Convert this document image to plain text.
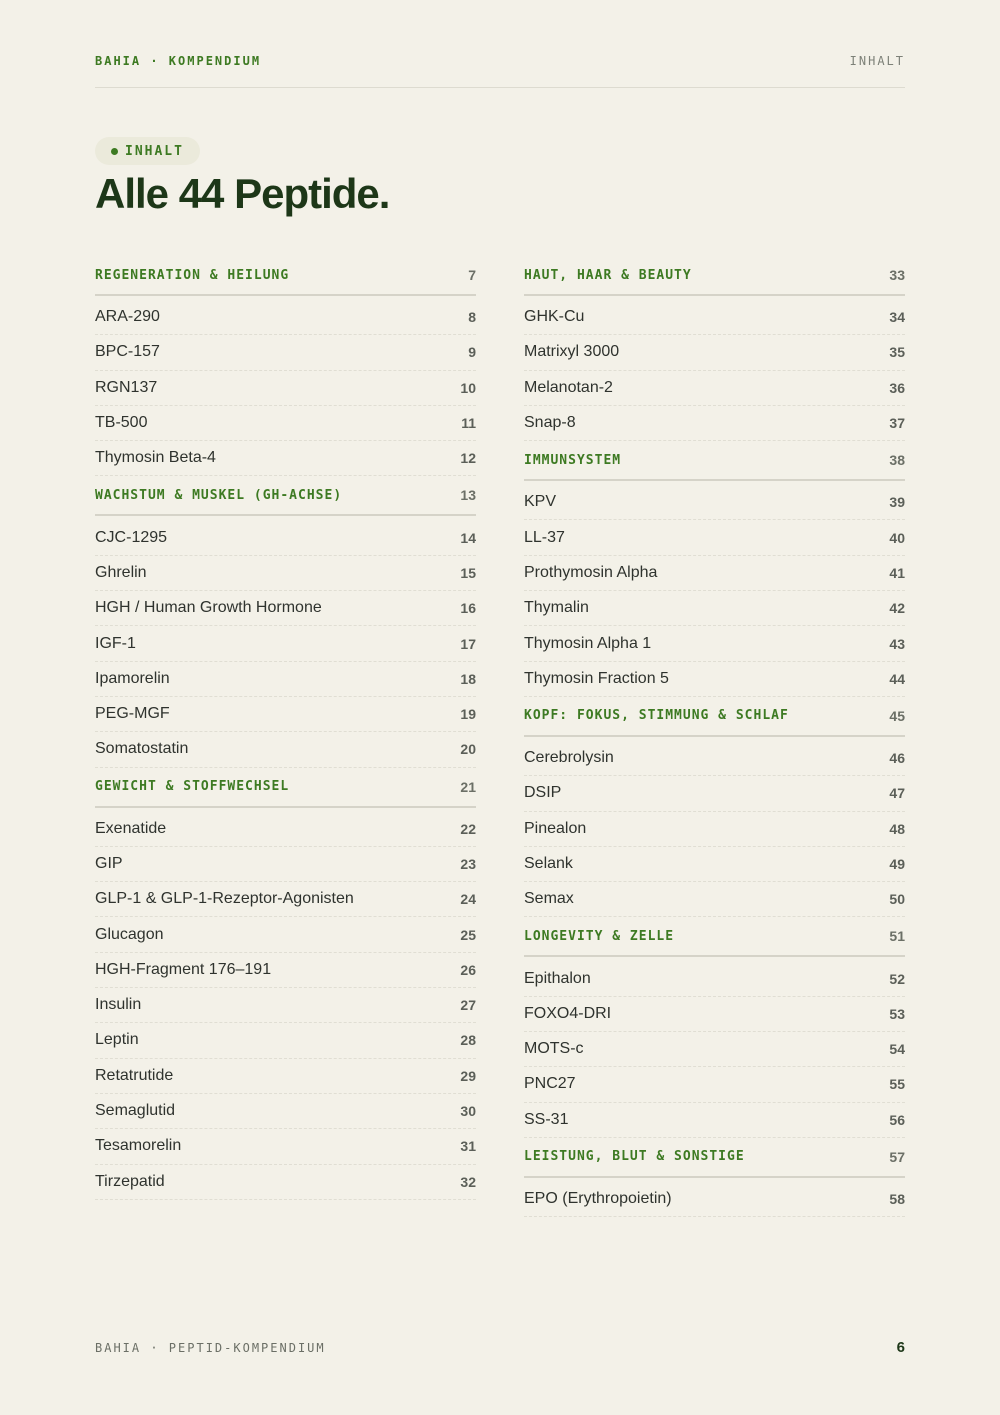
BAHIA · KOMPENDIUM	INHALT
INHALT
Alle 44 Peptide.
REGENERATION & HEILUNG	7
ARA-290	8
BPC-157	9
RGN137	10
TB-500	11
Thymosin Beta-4	12
WACHSTUM & MUSKEL (GH-ACHSE)	13
CJC-1295	14
Ghrelin	15
HGH / Human Growth Hormone	16
IGF-1	17
Ipamorelin	18
PEG-MGF	19
Somatostatin	20
GEWICHT & STOFFWECHSEL	21
Exenatide	22
GIP	23
GLP-1 & GLP-1-Rezeptor-Agonisten	24
Glucagon	25
HGH-Fragment 176–191	26
Insulin	27
Leptin	28
Retatrutide	29
Semaglutid	30
Tesamorelin	31
Tirzepatid	32
HAUT, HAAR & BEAUTY	33
GHK-Cu	34
Matrixyl 3000	35
Melanotan-2	36
Snap-8	37
IMMUNSYSTEM	38
KPV	39
LL-37	40
Prothymosin Alpha	41
Thymalin	42
Thymosin Alpha 1	43
Thymosin Fraction 5	44
KOPF: FOKUS, STIMMUNG & SCHLAF	45
Cerebrolysin	46
DSIP	47
Pinealon	48
Selank	49
Semax	50
LONGEVITY & ZELLE	51
Epithalon	52
FOXO4-DRI	53
MOTS-c	54
PNC27	55
SS-31	56
LEISTUNG, BLUT & SONSTIGE	57
EPO (Erythropoietin)	58
BAHIA · PEPTID-KOMPENDIUM	6
